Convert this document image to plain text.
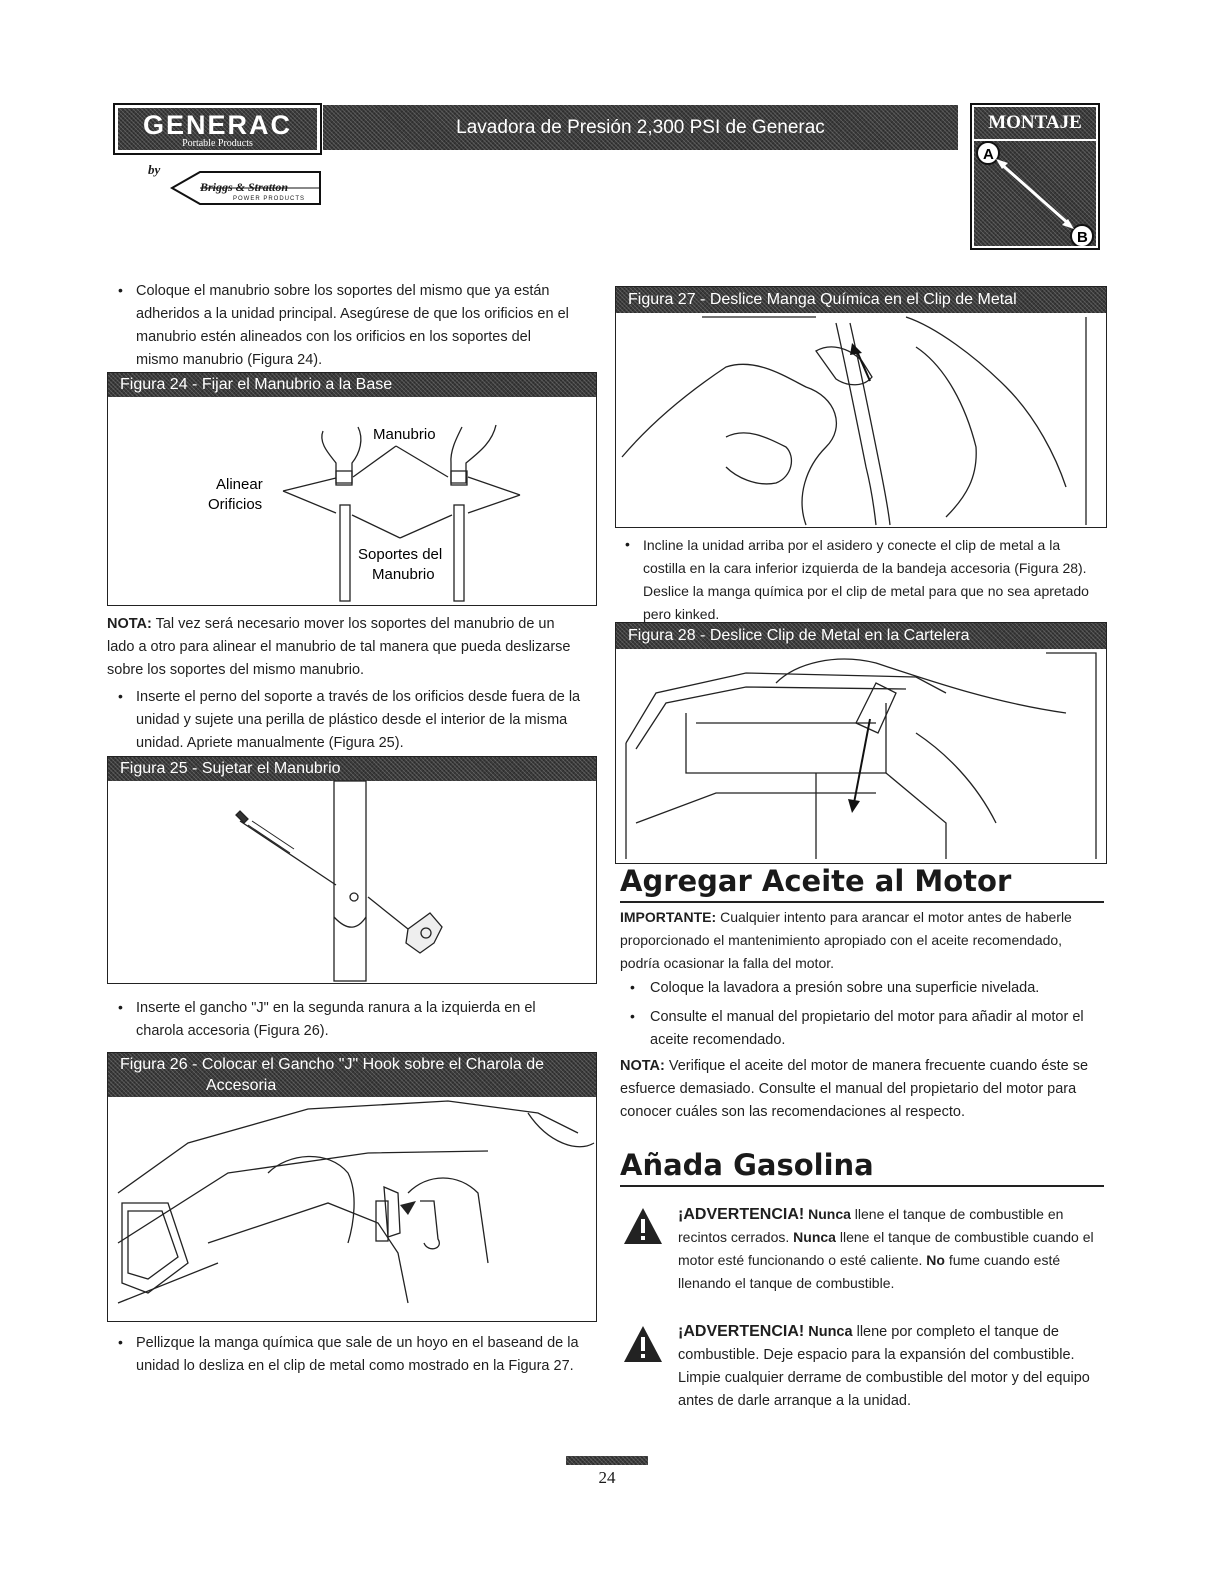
GENERAC
Portable Products
by
Briggs & Stratton
POWER PRODUCTS
Lavadora de Presión 2,300 PSI de Generac	MONTAJE
A
B
• Coloque el manubrio sobre los soportes del mismo que ya están adheridos a la unidad principal. Asegúrese de que los orificios en el manubrio estén alineados con los orificios en los soportes del mismo manubrio (Figura 24).
Figura 24 - Fijar el Manubrio a la Base
Manubrio
Alinear
Orificios
Soportes del
Manubrio
NOTA: Tal vez será necesario mover los soportes del manubrio de un lado a otro para alinear el manubrio de tal manera que pueda deslizarse sobre los soportes del mismo manubrio.
• Inserte el perno del soporte a través de los orificios desde fuera de la unidad y sujete una perilla de plástico desde el interior de la misma unidad. Apriete manualmente (Figura 25).
Figura 25 - Sujetar el Manubrio
• Inserte el gancho "J" en la segunda ranura a la izquierda en el charola accesoria (Figura 26).
Figura 26 - Colocar el Gancho "J" Hook sobre el Charola de
Accesoria
• Pellizque la manga química que sale de un hoyo en el baseand de la unidad lo desliza en el clip de metal como mostrado en la Figura 27.
Figura 27 - Deslice Manga Química en el Clip de Metal
• Incline la unidad arriba por el asidero y conecte el clip de metal a la costilla en la cara inferior izquierda de la bandeja accesoria (Figura 28). Deslice la manga química por el clip de metal para que no sea apretado pero kinked.
Figura 28 - Deslice Clip de Metal en la Cartelera
Agregar Aceite al Motor
IMPORTANTE: Cualquier intento para arancar el motor antes de haberle proporcionado el mantenimiento apropiado con el aceite recomendado, podría ocasionar la falla del motor.
• Coloque la lavadora a presión sobre una superficie nivelada.
• Consulte el manual del propietario del motor para añadir al motor el aceite recomendado.
NOTA: Verifique el aceite del motor de manera frecuente cuando éste se esfuerce demasiado. Consulte el manual del propietario del motor para conocer cuáles son las recomendaciones al respecto.
Añada Gasolina
¡ADVERTENCIA! Nunca llene el tanque de combustible en recintos cerrados. Nunca llene el tanque de combustible cuando el motor esté funcionando o esté caliente. No fume cuando esté llenando el tanque de combustible.
¡ADVERTENCIA! Nunca llene por completo el tanque de combustible. Deje espacio para la expansión del combustible. Limpie cualquier derrame de combustible del motor y del equipo antes de darle arranque a la unidad.
24
